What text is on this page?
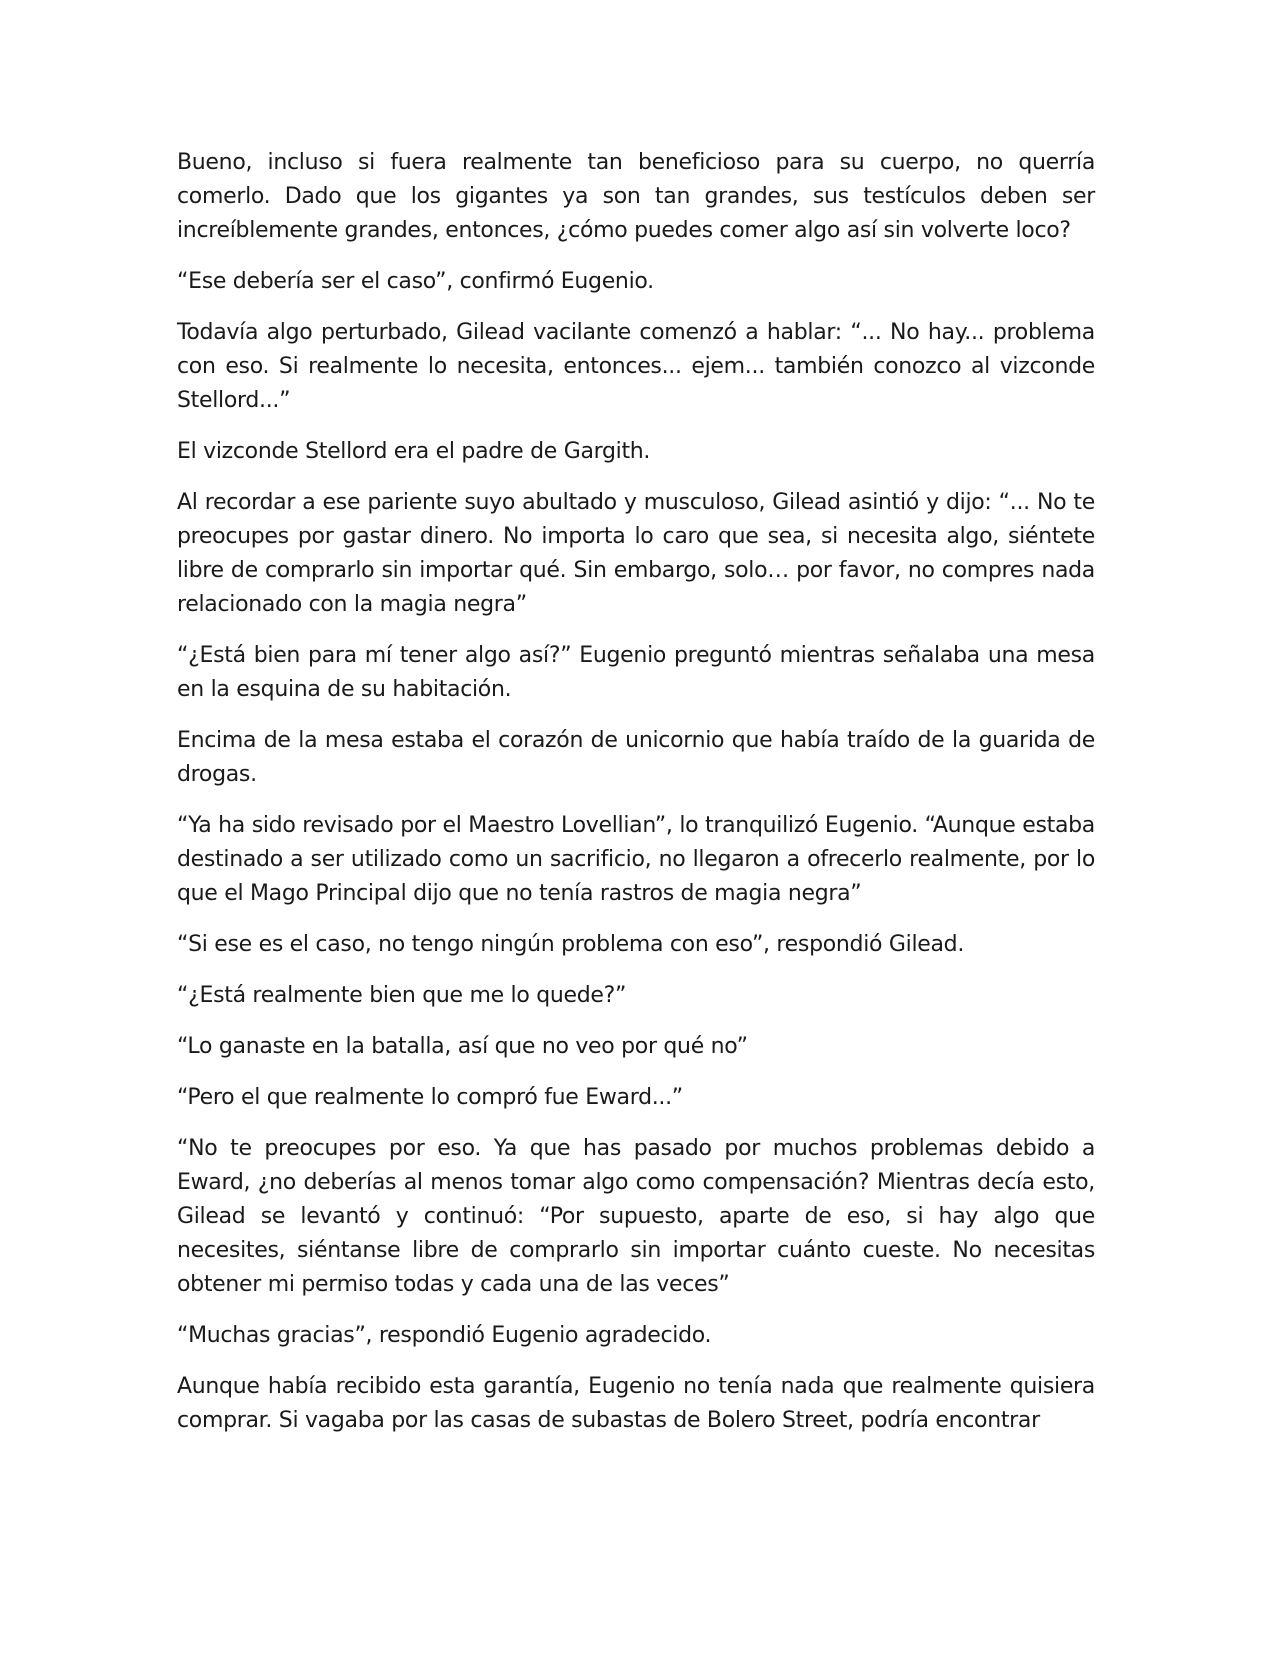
Bueno, incluso si fuera realmente tan beneficioso para su cuerpo, no querría comerlo. Dado que los gigantes ya son tan grandes, sus testículos deben ser increíblemente grandes, entonces, ¿cómo puedes comer algo así sin volverte loco?

“Ese debería ser el caso”, confirmó Eugenio.

Todavía algo perturbado, Gilead vacilante comenzó a hablar: “... No hay... problema con eso. Si realmente lo necesita, entonces... ejem... también conozco al vizconde Stellord...”

El vizconde Stellord era el padre de Gargith.

Al recordar a ese pariente suyo abultado y musculoso, Gilead asintió y dijo: “... No te preocupes por gastar dinero. No importa lo caro que sea, si necesita algo, siéntete libre de comprarlo sin importar qué. Sin embargo, solo… por favor, no compres nada relacionado con la magia negra”

“¿Está bien para mí tener algo así?” Eugenio preguntó mientras señalaba una mesa en la esquina de su habitación.

Encima de la mesa estaba el corazón de unicornio que había traído de la guarida de drogas.

“Ya ha sido revisado por el Maestro Lovellian”, lo tranquilizó Eugenio. “Aunque estaba destinado a ser utilizado como un sacrificio, no llegaron a ofrecerlo realmente, por lo que el Mago Principal dijo que no tenía rastros de magia negra”

“Si ese es el caso, no tengo ningún problema con eso”, respondió Gilead.

“¿Está realmente bien que me lo quede?”

“Lo ganaste en la batalla, así que no veo por qué no”

“Pero el que realmente lo compró fue Eward...”

“No te preocupes por eso. Ya que has pasado por muchos problemas debido a Eward, ¿no deberías al menos tomar algo como compensación? Mientras decía esto, Gilead se levantó y continuó: “Por supuesto, aparte de eso, si hay algo que necesites, siéntanse libre de comprarlo sin importar cuánto cueste. No necesitas obtener mi permiso todas y cada una de las veces”

“Muchas gracias”, respondió Eugenio agradecido.

Aunque había recibido esta garantía, Eugenio no tenía nada que realmente quisiera comprar. Si vagaba por las casas de subastas de Bolero Street, podría encontrar
